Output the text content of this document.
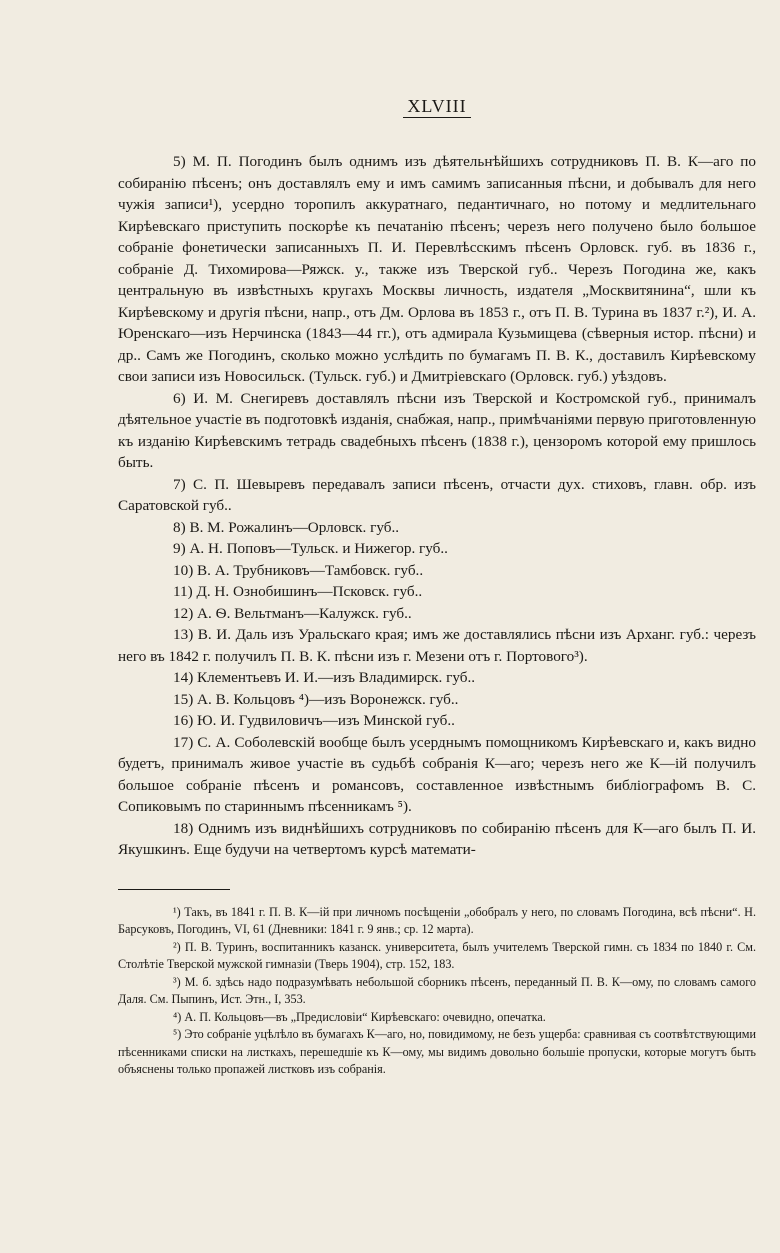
XLVIII

5) М. П. Погодинъ былъ однимъ изъ дѣятельнѣйшихъ сотрудниковъ П. В. К—аго по собиранію пѣсенъ; онъ доставлялъ ему и имъ самимъ записанныя пѣсни, и добывалъ для него чужія записи¹), усердно торопилъ аккуратнаго, педантичнаго, но потому и медлительнаго Кирѣевскаго приступить поскорѣе къ печатанію пѣсенъ; черезъ него получено было большое собраніе фонетически записанныхъ П. И. Перевлѣсскимъ пѣсенъ Орловск. губ. въ 1836 г., собраніе Д. Тихомирова—Ряжск. у., также изъ Тверской губ.. Черезъ Погодина же, какъ центральную въ извѣстныхъ кругахъ Москвы личность, издателя „Москвитянина“, шли къ Кирѣевскому и другія пѣсни, напр., отъ Дм. Орлова въ 1853 г., отъ П. В. Турина въ 1837 г.²), И. А. Юренскаго—изъ Нерчинска (1843—44 гг.), отъ адмирала Кузьмищева (сѣверныя истор. пѣсни) и др.. Самъ же Погодинъ, сколько можно услѣдить по бумагамъ П. В. К., доставилъ Кирѣевскому свои записи изъ Новосильск. (Тульск. губ.) и Дмитріевскаго (Орловск. губ.) уѣздовъ.

6) И. М. Снегиревъ доставлялъ пѣсни изъ Тверской и Костромской губ., принималъ дѣятельное участіе въ подготовкѣ изданія, снабжая, напр., примѣчаніями первую приготовленную къ изданію Кирѣевскимъ тетрадь свадебныхъ пѣсенъ (1838 г.), цензоромъ которой ему пришлось быть.

7) С. П. Шевыревъ передавалъ записи пѣсенъ, отчасти дух. стиховъ, главн. обр. изъ Саратовской губ..

8) В. М. Рожалинъ—Орловск. губ..

9) А. Н. Поповъ—Тульск. и Нижегор. губ..

10) В. А. Трубниковъ—Тамбовск. губ..

11) Д. Н. Ознобишинъ—Псковск. губ..

12) А. Ѳ. Вельтманъ—Калужск. губ..

13) В. И. Даль изъ Уральскаго края; имъ же доставлялись пѣсни изъ Арханг. губ.: черезъ него въ 1842 г. получилъ П. В. К. пѣсни изъ г. Мезени отъ г. Портового³).

14) Клементьевъ И. И.—изъ Владимирск. губ..

15) А. В. Кольцовъ ⁴)—изъ Воронежск. губ..

16) Ю. И. Гудвиловичъ—изъ Минской губ..

17) С. А. Соболевскій вообще былъ усерднымъ помощникомъ Кирѣевскаго и, какъ видно будетъ, принималъ живое участіе въ судьбѣ собранія К—аго; черезъ него же К—ій получилъ большое собраніе пѣсенъ и романсовъ, составленное извѣстнымъ библіографомъ В. С. Сопиковымъ по стариннымъ пѣсенникамъ ⁵).

18) Однимъ изъ виднѣйшихъ сотрудниковъ по собиранію пѣсенъ для К—аго былъ П. И. Якушкинъ. Еще будучи на четвертомъ курсѣ математи-

¹) Такъ, въ 1841 г. П. В. К—ій при личномъ посѣщеніи „обобралъ у него, по словамъ Погодина, всѣ пѣсни“. Н. Барсуковъ, Погодинъ, VI, 61 (Дневники: 1841 г. 9 янв.; ср. 12 марта).

²) П. В. Туринъ, воспитанникъ казанск. университета, былъ учителемъ Тверской гимн. съ 1834 по 1840 г. См. Столѣтіе Тверской мужской гимназіи (Тверь 1904), стр. 152, 183.

³) М. б. здѣсь надо подразумѣвать небольшой сборникъ пѣсенъ, переданный П. В. К—ому, по словамъ самого Даля. См. Пыпинъ, Ист. Этн., I, 353.

⁴) А. П. Кольцовъ—въ „Предисловіи“ Кирѣевскаго: очевидно, опечатка.

⁵) Это собраніе уцѣлѣло въ бумагахъ К—аго, но, повидимому, не безъ ущерба: сравнивая съ соотвѣтствующими пѣсенниками списки на листкахъ, перешедшіе къ К—ому, мы видимъ довольно большіе пропуски, которые могутъ быть объяснены только пропажей листковъ изъ собранія.
